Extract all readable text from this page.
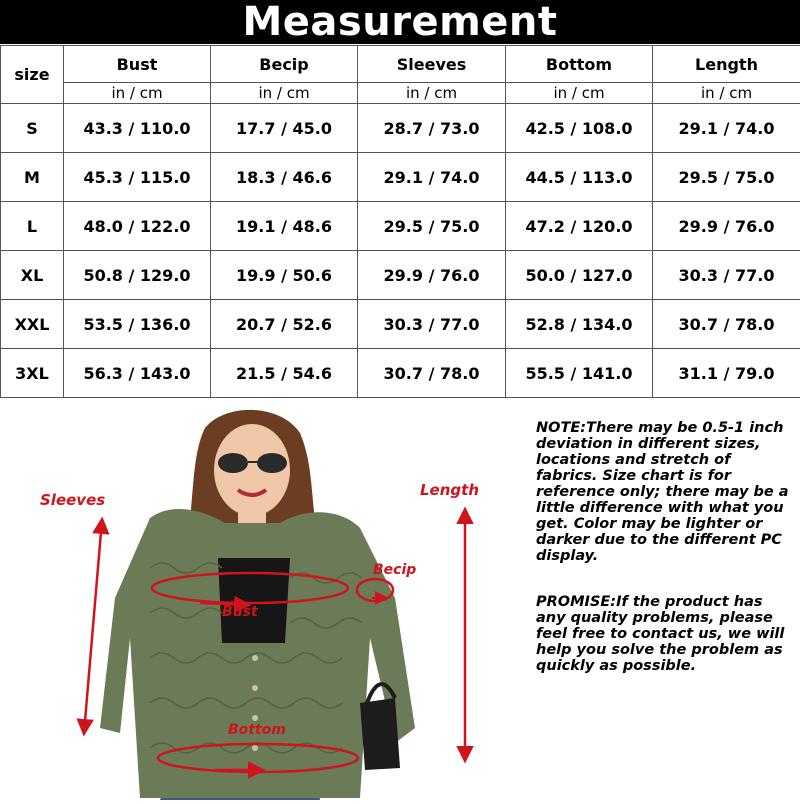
Measurement
size	Bust	Becip	Sleeves	Bottom	Length
	in / cm	in / cm	in / cm	in / cm	in / cm
S	43.3 / 110.0	17.7 / 45.0	28.7 / 73.0	42.5 / 108.0	29.1 / 74.0
M	45.3 / 115.0	18.3 / 46.6	29.1 / 74.0	44.5 / 113.0	29.5 / 75.0
L	48.0 / 122.0	19.1 / 48.6	29.5 / 75.0	47.2 / 120.0	29.9 / 76.0
XL	50.8 / 129.0	19.9 / 50.6	29.9 / 76.0	50.0 / 127.0	30.3 / 77.0
XXL	53.5 / 136.0	20.7 / 52.6	30.3 / 77.0	52.8 / 134.0	30.7 / 78.0
3XL	56.3 / 143.0	21.5 / 54.6	30.7 / 78.0	55.5 / 141.0	31.1 / 79.0
Sleeves
Length
Becip
Bust
Bottom

NOTE:There may be 0.5-1 inch deviation in different sizes, locations and stretch of fabrics. Size chart is for reference only; there may be a little difference with what you get. Color may be lighter or darker due to the different PC display.

PROMISE:If the product has any quality problems, please feel free to contact us, we will help you solve the problem as quickly as possible.
